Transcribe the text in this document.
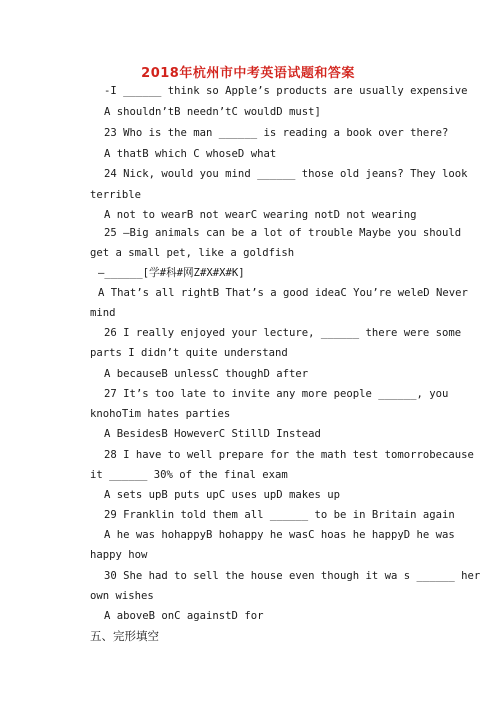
2018年杭州市中考英语试题和答案
-I ______ think so Apple’s products are usually expensive
A shouldn’tB needn’tC wouldD must]
23 Who is the man ______ is reading a book over there?
A thatB which C whoseD what
24 Nick, would you mind ______ those old jeans? They look
terrible
A not to wearB not wearC wearing notD not wearing
25 –Big animals can be a lot of trouble Maybe you should
get a small pet, like a goldfish
—______[学#科#网Z#X#X#K]
A That’s all rightB That’s a good ideaC You’re weleD Never
mind
26 I really enjoyed your lecture, ______ there were some
parts I didn’t quite understand
A becauseB unlessC thoughD after
27 It’s too late to invite any more people ______, you
knohoTim hates parties
A BesidesB HoweverC StillD Instead
28 I have to well prepare for the math test tomorrobecause
it ______ 30% of the final exam
A sets upB puts upC uses upD makes up
29 Franklin told them all ______ to be in Britain again
A he was hohappyB hohappy he wasC hoas he happyD he was
happy how
30 She had to sell the house even though it wa s ______ her
own wishes
A aboveB onC againstD for
五、完形填空
